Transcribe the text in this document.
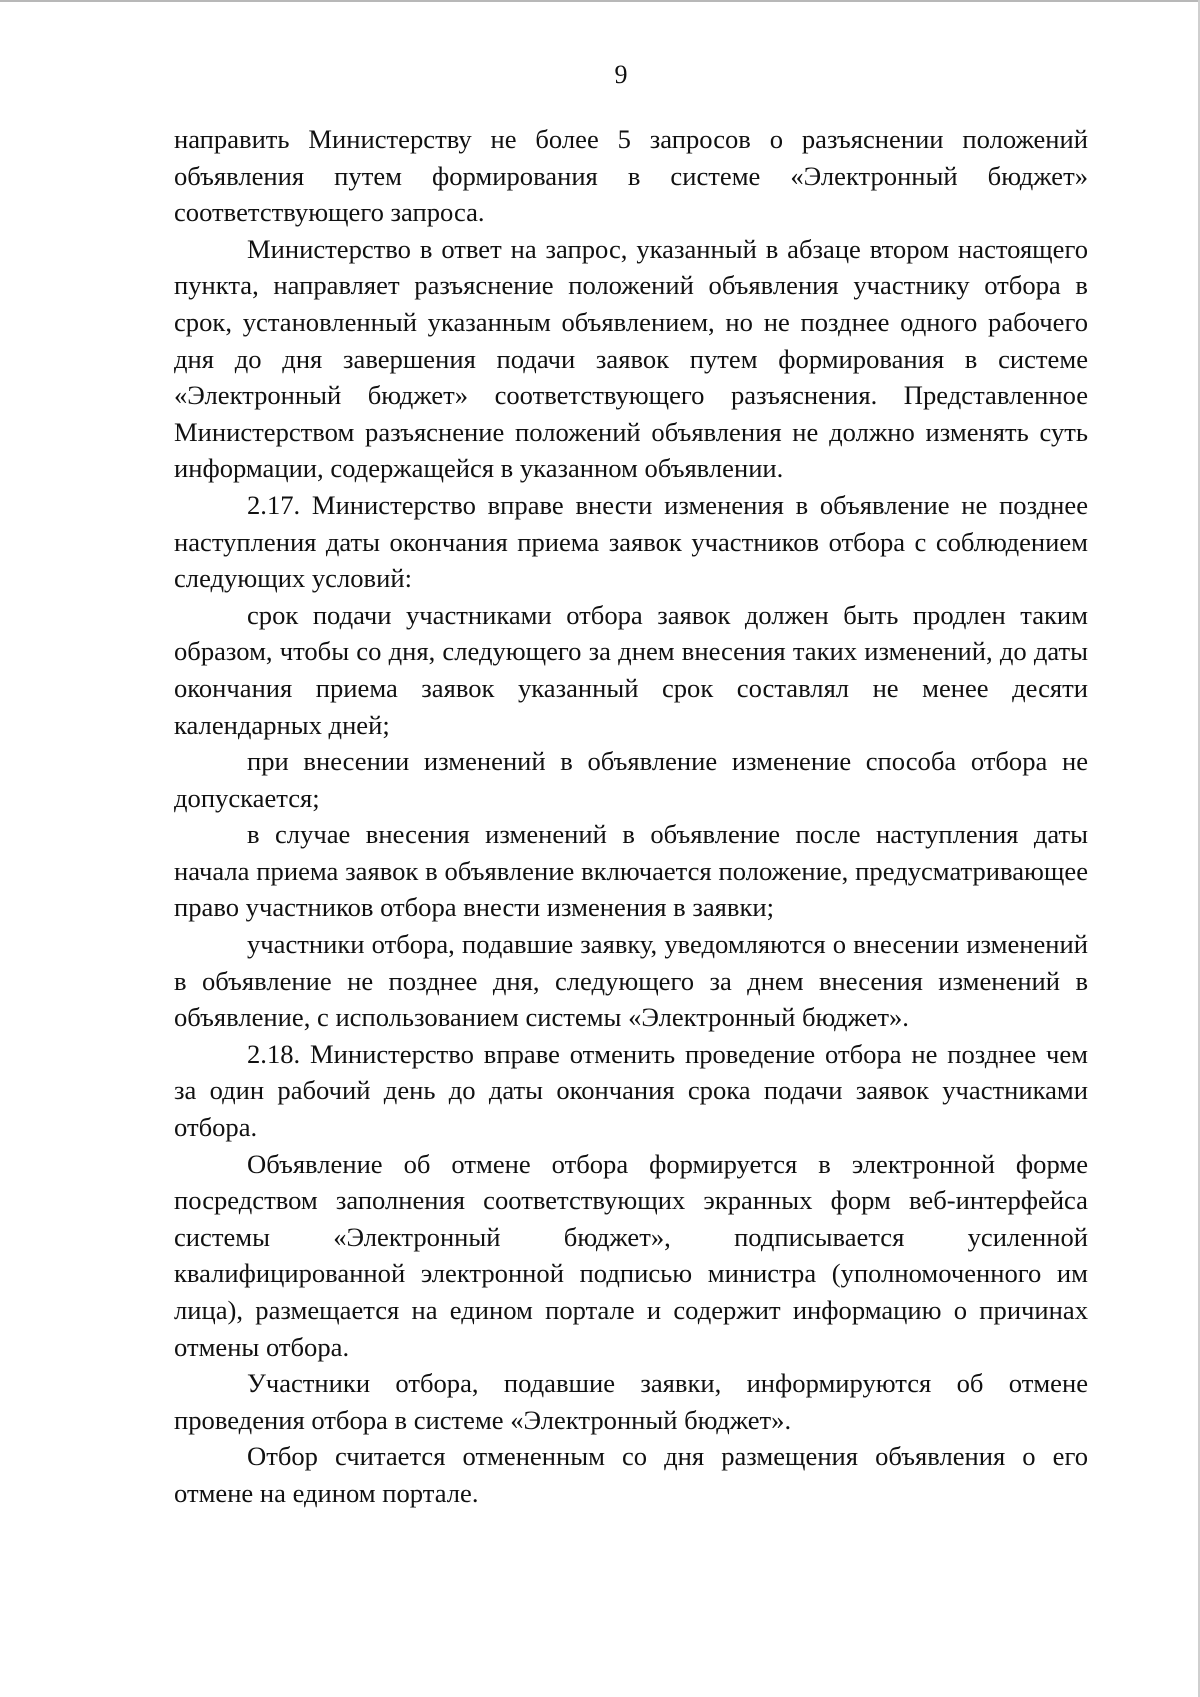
9

направить Министерству не более 5 запросов о разъяснении положений объявления путем формирования в системе «Электронный бюджет» соответствующего запроса.

Министерство в ответ на запрос, указанный в абзаце втором настоящего пункта, направляет разъяснение положений объявления участнику отбора в срок, установленный указанным объявлением, но не позднее одного рабочего дня до дня завершения подачи заявок путем формирования в системе «Электронный бюджет» соответствующего разъяснения. Представленное Министерством разъяснение положений объявления не должно изменять суть информации, содержащейся в указанном объявлении.

2.17. Министерство вправе внести изменения в объявление не позднее наступления даты окончания приема заявок участников отбора с соблюдением следующих условий:

срок подачи участниками отбора заявок должен быть продлен таким образом, чтобы со дня, следующего за днем внесения таких изменений, до даты окончания приема заявок указанный срок составлял не менее десяти календарных дней;

при внесении изменений в объявление изменение способа отбора не допускается;

в случае внесения изменений в объявление после наступления даты начала приема заявок в объявление включается положение, предусматривающее право участников отбора внести изменения в заявки;

участники отбора, подавшие заявку, уведомляются о внесении изменений в объявление не позднее дня, следующего за днем внесения изменений в объявление, с использованием системы «Электронный бюджет».

2.18. Министерство вправе отменить проведение отбора не позднее чем за один рабочий день до даты окончания срока подачи заявок участниками отбора.

Объявление об отмене отбора формируется в электронной форме посредством заполнения соответствующих экранных форм веб-интерфейса системы «Электронный бюджет», подписывается усиленной квалифицированной электронной подписью министра (уполномоченного им лица), размещается на едином портале и содержит информацию о причинах отмены отбора.

Участники отбора, подавшие заявки, информируются об отмене проведения отбора в системе «Электронный бюджет».

Отбор считается отмененным со дня размещения объявления о его отмене на едином портале.
